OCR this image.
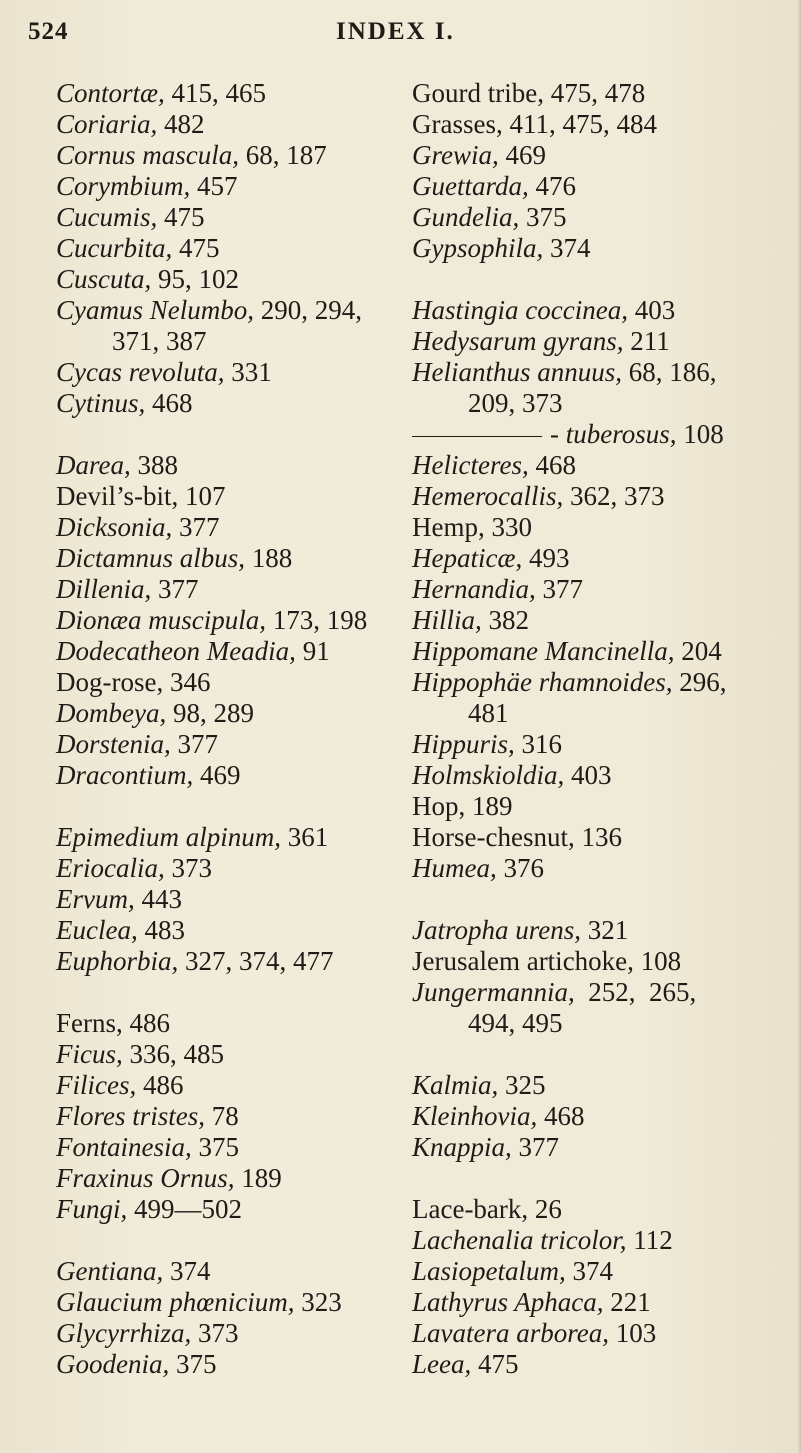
524	INDEX I.
Contortæ, 415, 465
Coriaria, 482
Cornus mascula, 68, 187
Corymbium, 457
Cucumis, 475
Cucurbita, 475
Cuscuta, 95, 102
Cyamus Nelumbo, 290, 294,
371, 387
Cycas revoluta, 331
Cytinus, 468
Darea, 388
Devil’s-bit, 107
Dicksonia, 377
Dictamnus albus, 188
Dillenia, 377
Dionæa muscipula, 173, 198
Dodecatheon Meadia, 91
Dog-rose, 346
Dombeya, 98, 289
Dorstenia, 377
Dracontium, 469
Epimedium alpinum, 361
Eriocalia, 373
Ervum, 443
Euclea, 483
Euphorbia, 327, 374, 477
Ferns, 486
Ficus, 336, 485
Filices, 486
Flores tristes, 78
Fontainesia, 375
Fraxinus Ornus, 189
Fungi, 499—502
Gentiana, 374
Glaucium phœnicium, 323
Glycyrrhiza, 373
Goodenia, 375
Gourd tribe, 475, 478
Grasses, 411, 475, 484
Grewia, 469
Guettarda, 476
Gundelia, 375
Gypsophila, 374
Hastingia coccinea, 403
Hedysarum gyrans, 211
Helianthus annuus, 68, 186,
209, 373
- tuberosus, 108
Helicteres, 468
Hemerocallis, 362, 373
Hemp, 330
Hepaticæ, 493
Hernandia, 377
Hillia, 382
Hippomane Mancinella, 204
Hippophäe rhamnoides, 296,
481
Hippuris, 316
Holmskioldia, 403
Hop, 189
Horse-chesnut, 136
Humea, 376
Jatropha urens, 321
Jerusalem artichoke, 108
Jungermannia,  252,  265,
494, 495
Kalmia, 325
Kleinhovia, 468
Knappia, 377
Lace-bark, 26
Lachenalia tricolor, 112
Lasiopetalum, 374
Lathyrus Aphaca, 221
Lavatera arborea, 103
Leea, 475
